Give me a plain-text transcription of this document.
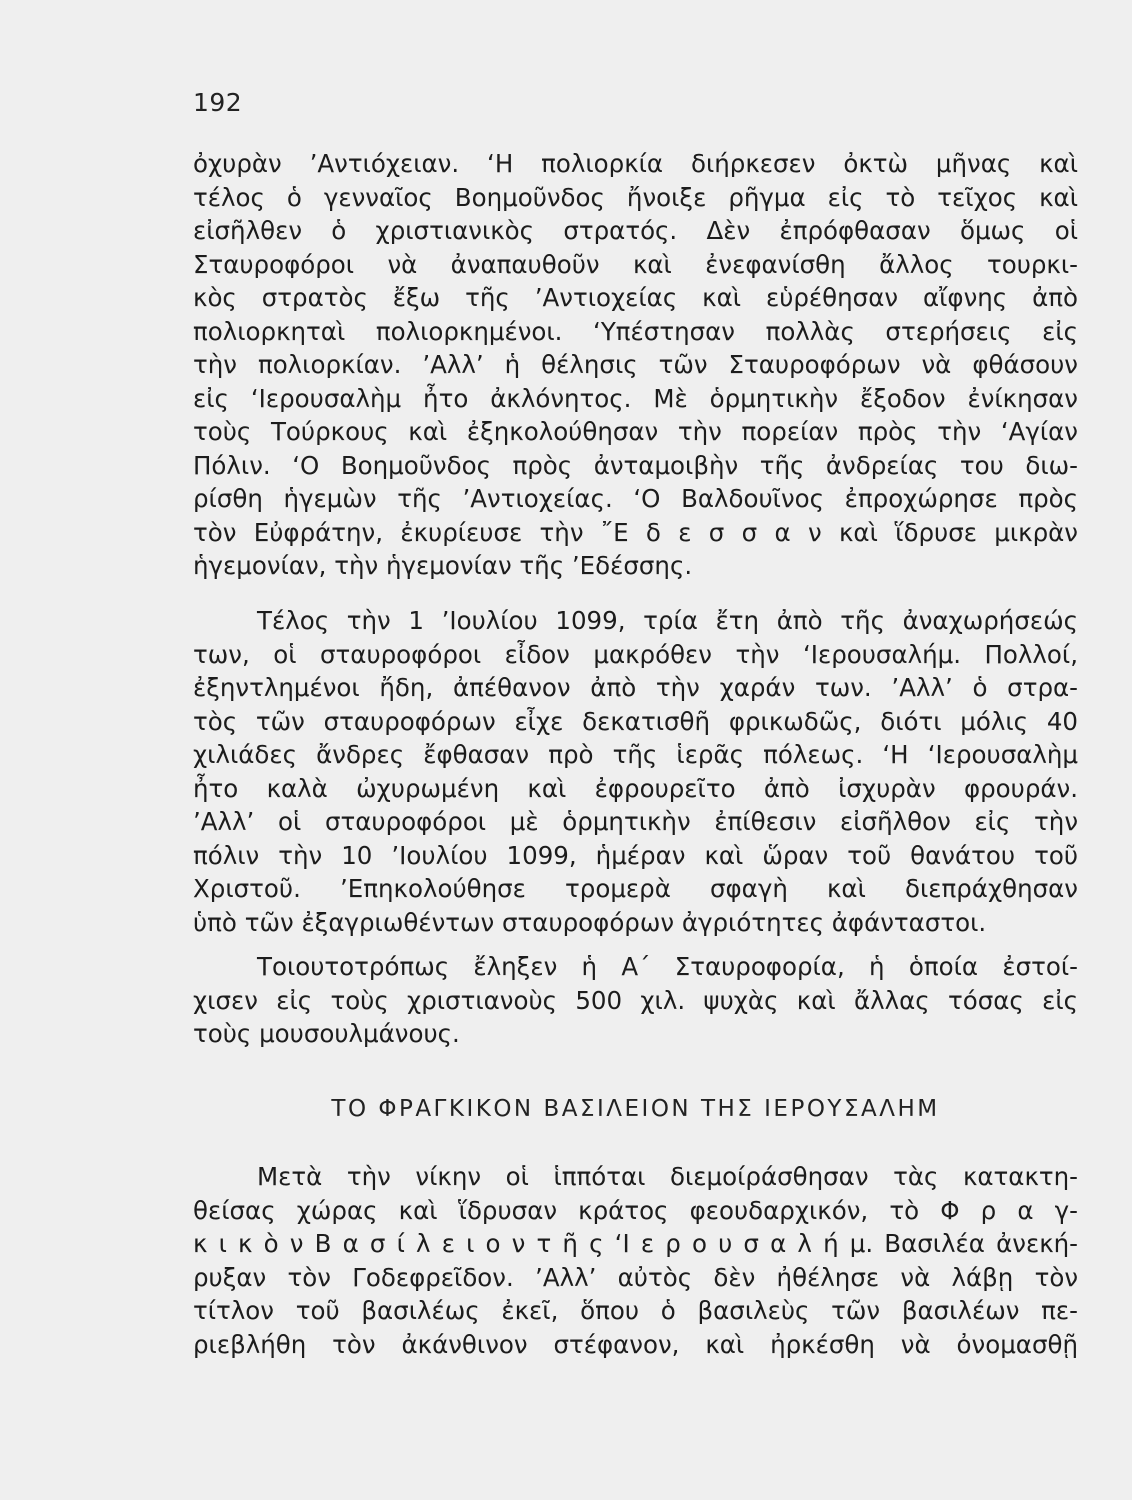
192
ὀχυρὰν ’Αντιόχειαν. ‘Η πολιορκία διήρκεσεν ὀκτὼ μῆνας καὶ
τέλος ὁ γενναῖος Βοημοῦνδος ἤνοιξε ρῆγμα εἰς τὸ τεῖχος καὶ
εἰσῆλθεν ὁ χριστιανικὸς στρατός. Δὲν ἐπρόφθασαν ὅμως οἱ
Σταυροφόροι νὰ ἀναπαυθοῦν καὶ ἐνεφανίσθη ἄλλος τουρκι-
κὸς στρατὸς ἔξω τῆς ’Αντιοχείας καὶ εὑρέθησαν αἴφνης ἀπὸ
πολιορκηταὶ πολιορκημένοι. ‘Υπέστησαν πολλὰς στερήσεις εἰς
τὴν πολιορκίαν. ’Αλλ’ ἡ θέλησις τῶν Σταυροφόρων νὰ φθάσουν
εἰς ‘Ιερουσαλὴμ ἦτο ἀκλόνητος. Μὲ ὁρμητικὴν ἔξοδον ἐνίκησαν
τοὺς Τούρκους καὶ ἐξηκολούθησαν τὴν πορείαν πρὸς τὴν ‘Αγίαν
Πόλιν. ‘Ο Βοημοῦνδος πρὸς ἀνταμοιβὴν τῆς ἀνδρείας του διω-
ρίσθη ἡγεμὼν τῆς ’Αντιοχείας. ‘Ο Βαλδουῖνος ἐπροχώρησε πρὸς
τὸν Εὐφράτην, ἐκυρίευσε τὴν ῎Ε δ ε σ σ α ν καὶ ἵδρυσε μικρὰν
ἡγεμονίαν, τὴν ἡγεμονίαν τῆς ’Εδέσσης.
Τέλος τὴν 1 ’Ιουλίου 1099, τρία ἔτη ἀπὸ τῆς ἀναχωρήσεώς
των, οἱ σταυροφόροι εἶδον μακρόθεν τὴν ‘Ιερουσαλήμ. Πολλοί,
ἐξηντλημένοι ἤδη, ἀπέθανον ἀπὸ τὴν χαράν των. ’Αλλ’ ὁ στρα-
τὸς τῶν σταυροφόρων εἶχε δεκατισθῆ φρικωδῶς, διότι μόλις 40
χιλιάδες ἄνδρες ἔφθασαν πρὸ τῆς ἱερᾶς πόλεως. ‘Η ‘Ιερουσαλὴμ
ἦτο καλὰ ὠχυρωμένη καὶ ἐφρουρεῖτο ἀπὸ ἰσχυρὰν φρουράν.
’Αλλ’ οἱ σταυροφόροι μὲ ὁρμητικὴν ἐπίθεσιν εἰσῆλθον εἰς τὴν
πόλιν τὴν 10 ’Ιουλίου 1099, ἡμέραν καὶ ὥραν τοῦ θανάτου τοῦ
Χριστοῦ. ’Επηκολούθησε τρομερὰ σφαγὴ καὶ διεπράχθησαν
ὑπὸ τῶν ἐξαγριωθέντων σταυροφόρων ἀγριότητες ἀφάνταστοι.
Τοιουτοτρόπως ἔληξεν ἡ Α΄ Σταυροφορία, ἡ ὁποία ἐστοί-
χισεν εἰς τοὺς χριστιανοὺς 500 χιλ. ψυχὰς καὶ ἄλλας τόσας εἰς
τοὺς μουσουλμάνους.
ΤΟ ΦΡΑΓΚΙΚΟΝ ΒΑΣΙΛΕΙΟΝ ΤΗΣ ΙΕΡΟΥΣΑΛΗΜ
Μετὰ τὴν νίκην οἱ ἱππόται διεμοίράσθησαν τὰς κατακτη-
θείσας χώρας καὶ ἵδρυσαν κράτος φεουδαρχικόν, τὸ Φ ρ α γ-
κ ι κ ὸ ν Β α σ ί λ ε ι ο ν τ ῆ ς ‘Ι ε ρ ο υ σ α λ ή μ. Βασιλέα ἀνεκή-
ρυξαν τὸν Γοδεφρεῖδον. ’Αλλ’ αὐτὸς δὲν ἠθέλησε νὰ λάβῃ τὸν
τίτλον τοῦ βασιλέως ἐκεῖ, ὅπου ὁ βασιλεὺς τῶν βασιλέων πε-
ριεβλήθη τὸν ἀκάνθινον στέφανον, καὶ ἠρκέσθη νὰ ὀνομασθῇ
